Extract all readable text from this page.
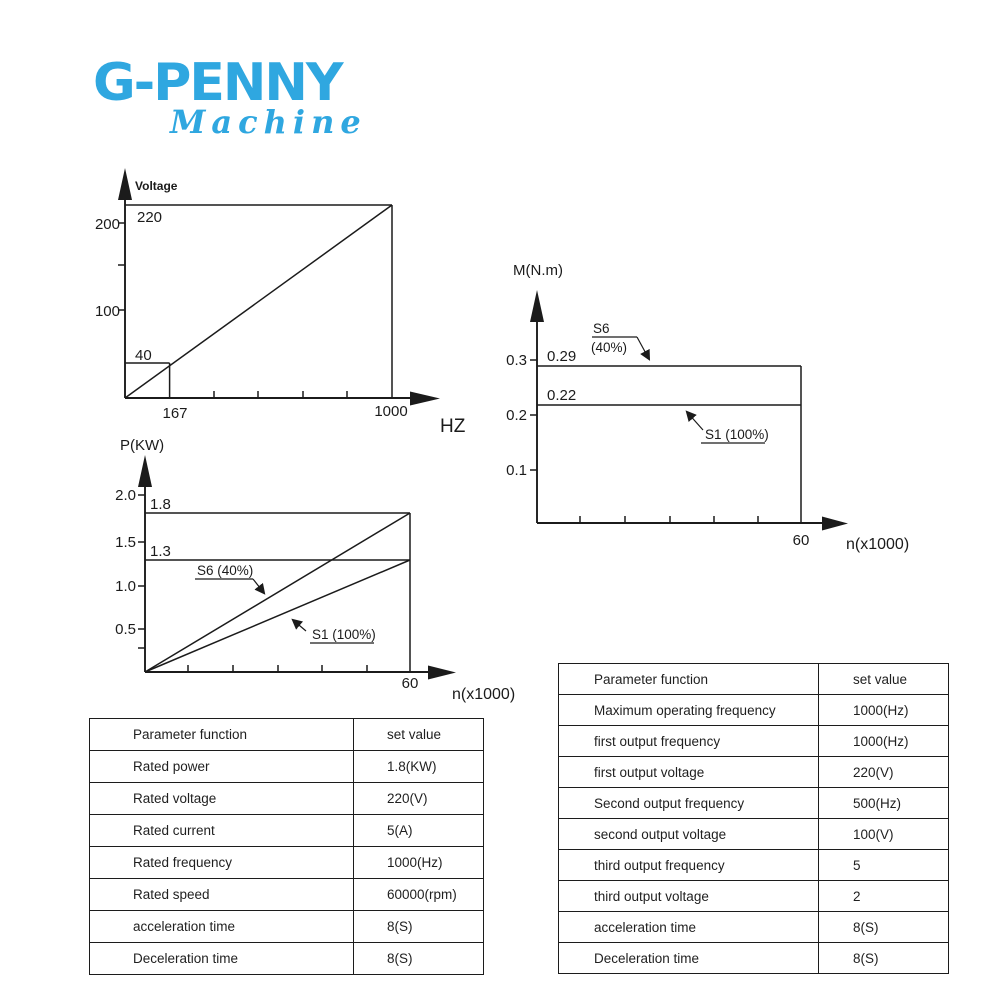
G-PENNY
Machine
Voltage
220
200
100
40
167	1000
HZ
M(N.m)
0.3
0.2
0.1
0.29
0.22
S6
(40%)
S1 (100%)
60 n(x1000)
P(KW)
2.0
1.5
1.0
0.5
1.8
1.3
S6 (40%)
S1 (100%)
60
n(x1000)
Parameter function	set value
Rated power	1.8(KW)
Rated voltage	220(V)
Rated current	5(A)
Rated frequency	1000(Hz)
Rated speed	60000(rpm)
acceleration time	8(S)
Deceleration time	8(S)
Parameter function	set value
Maximum operating frequency	1000(Hz)
first output frequency	1000(Hz)
first output voltage	220(V)
Second output frequency	500(Hz)
second output voltage	100(V)
third output frequency	5
third output voltage	2
acceleration time	8(S)
Deceleration time	8(S)
